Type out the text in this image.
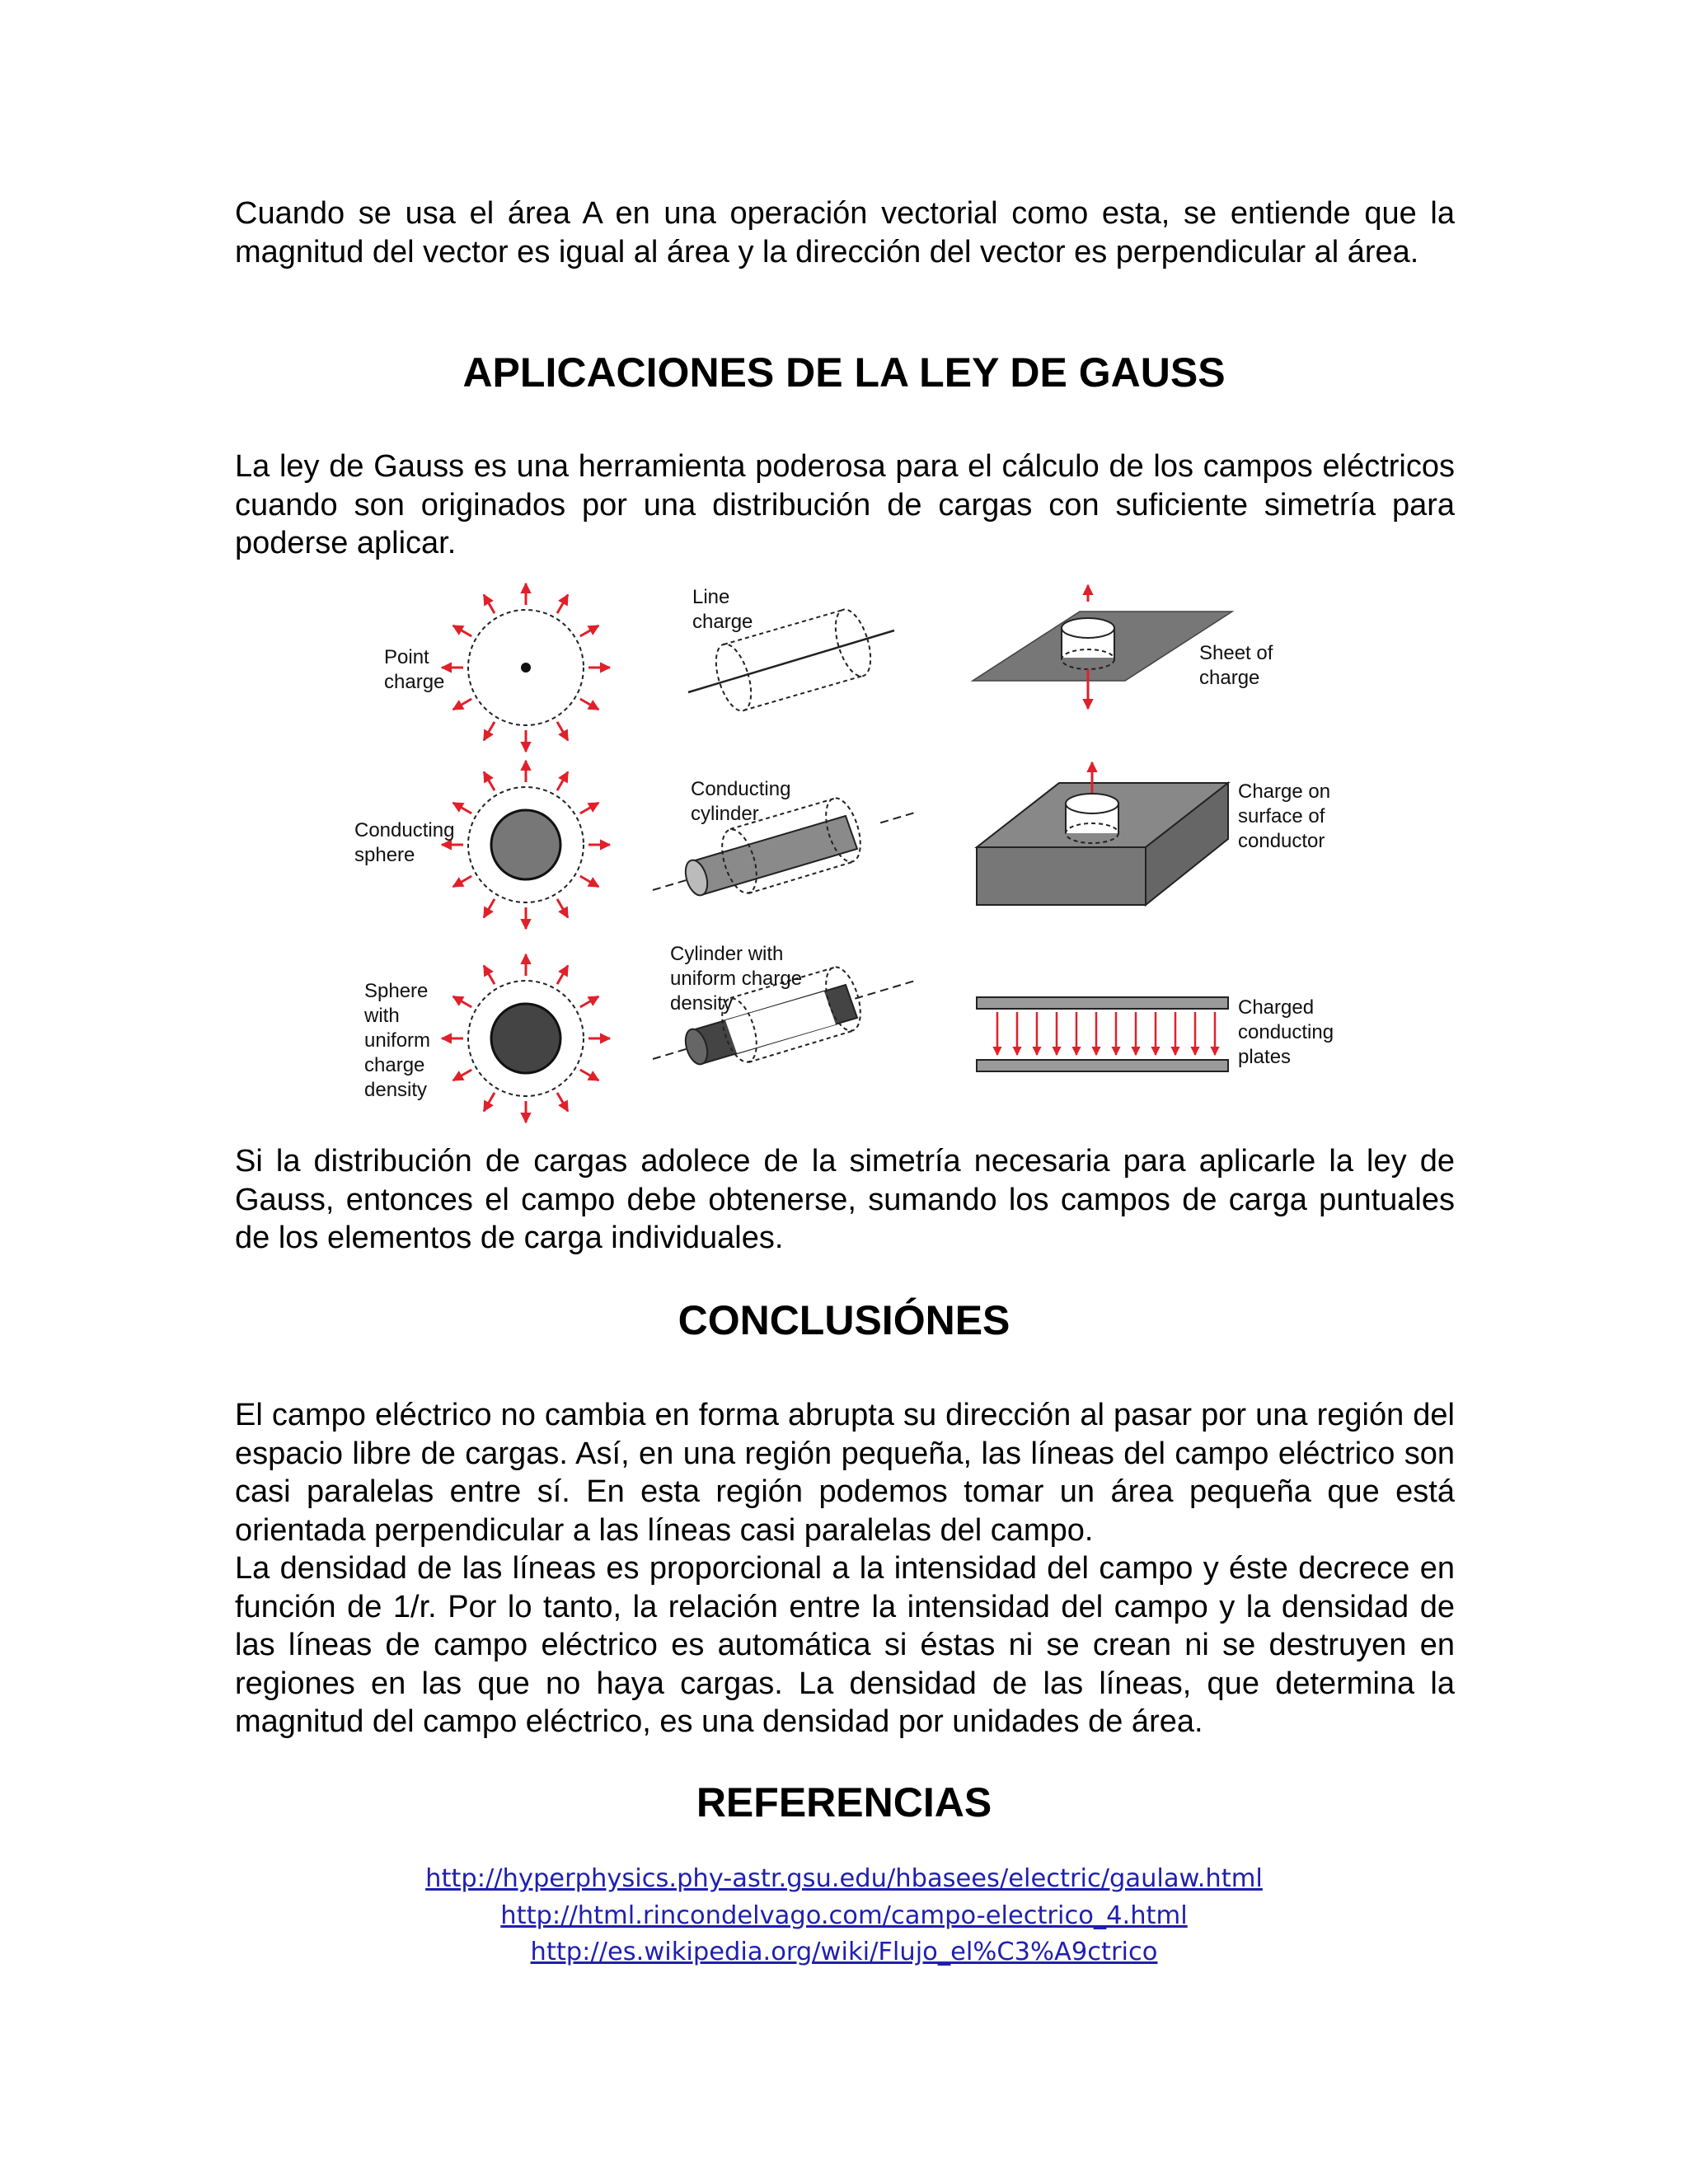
Cuando se usa el área A en una operación vectorial como esta, se entiende que la magnitud del vector es igual al área y la dirección del vector es perpendicular al área.

APLICACIONES DE LA LEY DE GAUSS

La ley de Gauss es una herramienta poderosa para el cálculo de los campos eléctricos cuando son originados por una distribución de cargas con suficiente simetría para poderse aplicar.

Point
charge
Conducting
sphere
Sphere
with
uniform
charge
density
Line
charge
Conducting
cylinder
Cylinder with
uniform charge
density
Sheet of
charge
Charge on
surface of
conductor
Charged
conducting
plates

Si la distribución de cargas adolece de la simetría necesaria para aplicarle la ley de Gauss, entonces el campo debe obtenerse, sumando los campos de carga puntuales de los elementos de carga individuales.

CONCLUSIÓNES

El campo eléctrico no cambia en forma abrupta su dirección al pasar por una región del espacio libre de cargas. Así, en una región pequeña, las líneas del campo eléctrico son casi paralelas entre sí. En esta región podemos tomar un área pequeña que está orientada perpendicular a las líneas casi paralelas del campo.

La densidad de las líneas es proporcional a la intensidad del campo y éste decrece en función de 1/r. Por lo tanto, la relación entre la intensidad del campo y la densidad de las líneas de campo eléctrico es automática si éstas ni se crean ni se destruyen en regiones en las que no haya cargas. La densidad de las líneas, que determina la magnitud del campo eléctrico, es una densidad por unidades de área.

REFERENCIAS
http://hyperphysics.phy-astr.gsu.edu/hbasees/electric/gaulaw.html
http://html.rincondelvago.com/campo-electrico_4.html
http://es.wikipedia.org/wiki/Flujo_el%C3%A9ctrico
